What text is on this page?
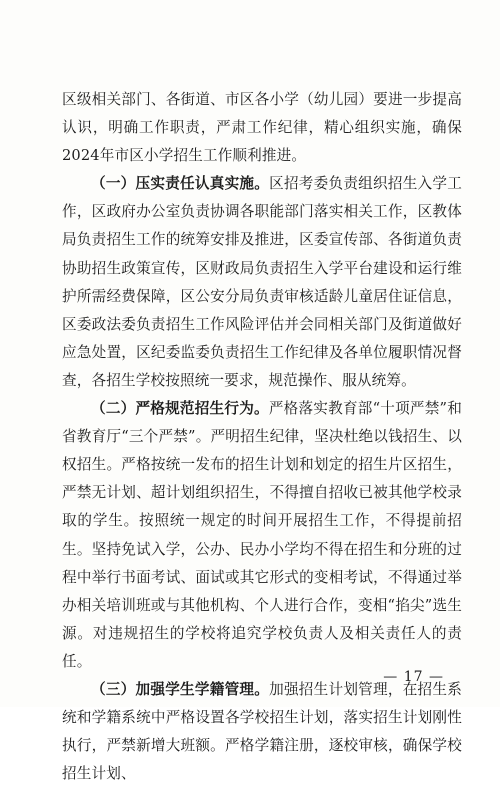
区级相关部门、各街道、市区各小学（幼儿园）要进一步提高认识，明确工作职责，严肃工作纪律，精心组织实施，确保2024年市区小学招生工作顺利推进。

（一）压实责任认真实施。区招考委负责组织招生入学工作，区政府办公室负责协调各职能部门落实相关工作，区教体局负责招生工作的统筹安排及推进，区委宣传部、各街道负责协助招生政策宣传，区财政局负责招生入学平台建设和运行维护所需经费保障，区公安分局负责审核适龄儿童居住证信息，区委政法委负责招生工作风险评估并会同相关部门及街道做好应急处置，区纪委监委负责招生工作纪律及各单位履职情况督查，各招生学校按照统一要求，规范操作、服从统筹。

（二）严格规范招生行为。严格落实教育部“十项严禁”和省教育厅“三个严禁”。严明招生纪律，坚决杜绝以钱招生、以权招生。严格按统一发布的招生计划和划定的招生片区招生，严禁无计划、超计划组织招生，不得擅自招收已被其他学校录取的学生。按照统一规定的时间开展招生工作，不得提前招生。坚持免试入学，公办、民办小学均不得在招生和分班的过程中举行书面考试、面试或其它形式的变相考试，不得通过举办相关培训班或与其他机构、个人进行合作，变相“掐尖”选生源。对违规招生的学校将追究学校负责人及相关责任人的责任。

（三）加强学生学籍管理。加强招生计划管理，在招生系统和学籍系统中严格设置各学校招生计划，落实招生计划刚性执行，严禁新增大班额。严格学籍注册，逐校审核，确保学校招生计划、

— 17 —
